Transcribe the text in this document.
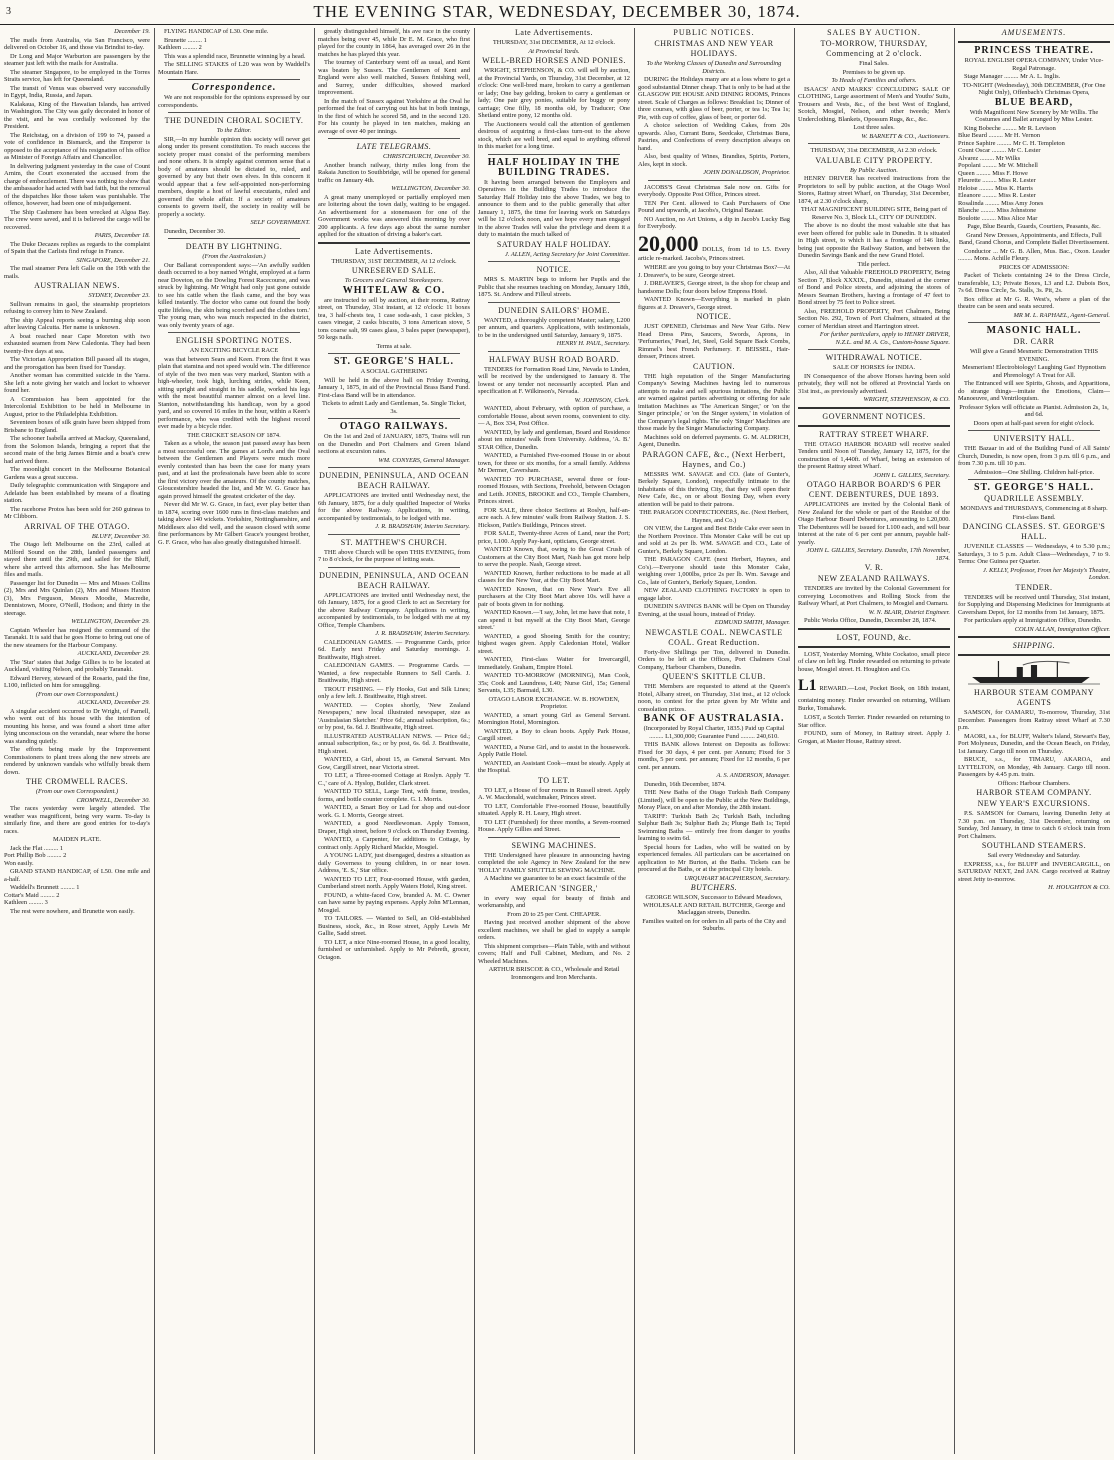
3	THE EVENING STAR, WEDNESDAY, DECEMBER 30, 1874.

December 19.

The mails from Australia, via San Francisco, were delivered on October 16, and those via Brindisi to-day.

Dr Long and Major Warburton are passengers by the steamer just left with the mails for Australia.

The steamer Singapore, to be employed in the Torres Straits service, has left for Queensland.

The transit of Venus was observed very successfully in Egypt, India, Russia, and Japan.

Kalakaua, King of the Hawaiian Islands, has arrived in Washington. The City was gaily decorated in honor of the visit, and he was cordially welcomed by the President.

The Reichstag, on a division of 199 to 74, passed a vote of confidence in Bismarck, and the Emperor is opposed to the acceptance of his resignation of his office as Minister of Foreign Affairs and Chancellor.

In delivering judgment yesterday in the case of Count Arnim, the Court exonerated the accused from the charge of embezzlement. There was nothing to show that the ambassador had acted with bad faith, but the removal of the dispatches like those taken was punishable. The offence, however, had been one of misjudgement.

The Ship Cashmere has been wrecked at Algoa Bay. The crew were saved, and it is believed the cargo will be recovered.

PARIS, December 18.

The Duke Decazes replies as regards to the complaint of Spain that the Carlists find refuge in France.

SINGAPORE, December 21.

The mail steamer Pera left Galle on the 19th with the mails.

AUSTRALIAN NEWS.

SYDNEY, December 23.

Sullivan remains in gaol, the steamship proprietors refusing to convey him to New Zealand.

The ship Appeal reports seeing a burning ship soon after leaving Calcutta. Her name is unknown.

A boat reached near Cape Moreton with two exhausted seamen from New Caledonia. They had been twenty-five days at sea.

The Victorian Appropriation Bill passed all its stages, and the prorogation has been fixed for Tuesday.

Another woman has committed suicide in the Yarra. She left a note giving her watch and locket to whoever found her.

A Commission has been appointed for the Intercolonial Exhibition to be held in Melbourne in August, prior to the Philadelphia Exhibition.

Seventeen boxes of silk grain have been shipped from Brisbane to England.

The schooner Isabella arrived at Mackay, Queensland, from the Solomon Islands, bringing a report that the second mate of the brig James Birnie and a boat's crew had arrived there.

The moonlight concert in the Melbourne Botanical Gardens was a great success.

Daily telegraphic communication with Singapore and Adelaide has been established by means of a floating station.

The racehorse Protos has been sold for 260 guineas to Mr Clibborn.

ARRIVAL OF THE OTAGO.

BLUFF, December 30.

The Otago left Melbourne on the 23rd, called at Milford Sound on the 28th, landed passengers and stayed there until the 29th, and sailed for the Bluff, where she arrived this afternoon. She has Melbourne files and mails.

Passenger list for Dunedin — Mrs and Misses Collins (2), Mrs and Mrs Quinlan (2), Mrs and Misses Haxton (3), Mrs Ferguson, Messrs Moodie, Macredie, Dennistown, Moore, O'Neill, Hodson; and thirty in the steerage.

WELLINGTON, December 29.

Captain Wheeler has resigned the command of the Taranaki. It is said that he goes Home to bring out one of the new steamers for the Harbour Company.

AUCKLAND, December 29.

The 'Star' states that Judge Gillies is to be located at Auckland, visiting Nelson, and probably Taranaki.

Edward Hervey, steward of the Rosario, paid the fine, L100, inflicted on him for smuggling.

(From our own Correspondent.)

AUCKLAND, December 29.

A singular accident occurred to Dr Wright, of Parnell, who went out of his house with the intention of mounting his horse, and was found a short time after lying unconscious on the verandah, near where the horse was standing quietly.

The efforts being made by the Improvement Commissioners to plant trees along the new streets are rendered by unknown vandals who wilfully break them down.

THE CROMWELL RACES.

(From our own Correspondent.)

CROMWELL, December 30.

The races yesterday were largely attended. The weather was magnificent, being very warm. To-day is similarly fine, and there are good entries for to-day's races.

MAIDEN PLATE.

Jack the Flat ......... 1
Port Phillip Bob ......... 2
Won easily.

GRAND STAND HANDICAP, of L50. One mile and a-half.

Waddell's Brunnett ......... 1
Cottar's Maid ......... 2
Kathleen ......... 3

The rest were nowhere, and Brunette won easily.

FLYING HANDICAP of L30. One mile.

Brunette ......... 1
Kathleen ......... 2

This was a splendid race, Brunnette winning by a head.

The SELLING STAKES of L20 was won by Waddell's Mountain Hare.

Correspondence.

We are not responsible for the opinions expressed by our correspondents.

THE DUNEDIN CHORAL SOCIETY.

To the Editor.

SIR,—In my humble opinion this society will never get along under its present constitution. To reach success the society proper must consist of the performing members and none others. It is simply against common sense that a body of amateurs should be dictated to, ruled, and governed by any but their own elves. In this concern it would appear that a few self-appointed non-performing members, despite a host of lawful executants, ruled and governed the whole affair. If a society of amateurs consents to govern itself, the society in reality will be properly a society.

SELF GOVERNMENT.

Dunedin, December 30.

DEATH BY LIGHTNING.

(From the Australasian.)

Our Ballarat correspondent says:—'An awfully sudden death occurred to a boy named Wright, employed at a farm near Doveton, on the Dowling Forest Racecourse, and was struck by lightning. Mr Wright had only just gone outside to see his cattle when the flash came, and the boy was killed instantly. The doctor who came out found the body quite lifeless, the skin being scorched and the clothes torn.' The young man, who was much respected in the district, was only twenty years of age.

ENGLISH SPORTING NOTES.

AN EXCITING BICYCLE RACE

was that between Sears and Keen. From the first it was plain that stamina and not speed would win. The difference of style of the two men was very marked, Stanton with a high-wheeler, took high, lurching strides, while Keen, sitting upright and straight in his saddle, worked his legs with the most beautiful manner almost on a level line. Stanton, notwithstanding his handicap, won by a good yard, and so covered 16 miles in the hour, within a Keen's performance, who was credited with the highest record ever made by a bicycle rider.

THE CRICKET SEASON OF 1874.

Taken as a whole, the season just passed away has been a most successful one. The games at Lord's and the Oval between the Gentlemen and Players were much more evenly contested than has been the case for many years past, and at last the professionals have been able to score the first victory over the amateurs. Of the county matches, Gloucestershire headed the list, and Mr W. G. Grace has again proved himself the greatest cricketer of the day.

Never did Mr W. G. Grace, in fact, ever play better than in 1874, scoring over 1600 runs in first-class matches and taking above 140 wickets. Yorkshire, Nottinghamshire, and Middlesex also did well, and the season closed with some fine performances by Mr Gilbert Grace's youngest brother, G. F. Grace, who has also greatly distinguished himself.

greatly distinguished himself, his ave race in the county matches being over 45, while Dr E. M. Grace, who first played for the county in 1864, has averaged over 26 in the matches he has played this year.

The tourney of Canterbury went off as usual, and Kent was beaten by Sussex. The Gentlemen of Kent and England were also well matched, Sussex finishing well, and Surrey, under difficulties, showed marked improvement.

In the match of Sussex against Yorkshire at the Oval he performed the feat of carrying out his bat in both innings, in the first of which he scored 58, and in the second 120. For his county he played in ten matches, making an average of over 40 per innings.

LATE TELEGRAMS.

CHRISTCHURCH, December 30.

Another branch railway, thirty miles long from the Rakaia Junction to Southbridge, will be opened for general traffic on January 4th.

WELLINGTON, December 30.

A great many unemployed or partially employed men are loitering about the town daily, waiting to be engaged. An advertisement for a stonemason for one of the Government works was answered this morning by over 200 applicants. A few days ago about the same number applied for the situation of driving a baker's cart.

Late Advertisements.

THURSDAY, 31ST DECEMBER, At 12 o'clock.

UNRESERVED SALE.

To Grocers and General Storekeepers.

WHITELAW & CO.

are instructed to sell by auction, at their rooms, Rattray street, on Thursday, 31st instant, at 12 o'clock: 11 boxes tea, 3 half-chests tea, 1 case soda-ash, 1 case pickles, 3 cases vinegar, 2 casks biscuits, 3 tons American stove, 5 tons coarse salt, 99 cases glass, 3 bales paper (newspaper), 50 kegs nails.

Terms at sale.

ST. GEORGE'S HALL.

A SOCIAL GATHERING

Will be held in the above hall on Friday Evening, January 1, 1875, in aid of the Provincial Brass Band Fund. First-class Band will be in attendance.

Tickets to admit Lady and Gentleman, 5s. Single Ticket, 3s.

OTAGO RAILWAYS.

On the 1st and 2nd of JANUARY, 1875, Trains will run on the Dunedin and Port Chalmers and Green Island sections at excursion rates.

WM. CONYERS, General Manager.

DUNEDIN, PENINSULA, AND OCEAN BEACH RAILWAY.

APPLICATIONS are invited until Wednesday next, the 6th January, 1875, for a duly qualified Inspector of Works for the above Railway. Applications, in writing, accompanied by testimonials, to be lodged with me.

J. R. BRADSHAW, Interim Secretary.

ST. MATTHEW'S CHURCH.

THE above Church will be open THIS EVENING, from 7 to 8 o'clock, for the purpose of letting seats.

DUNEDIN, PENINSULA, AND OCEAN BEACH RAILWAY.

APPLICATIONS are invited until Wednesday next, the 6th January, 1875, for a good Clerk to act as Secretary for the above Railway Company. Applications in writing, accompanied by testimonials, to be lodged with me at my Office, Temple Chambers.

J. R. BRADSHAW, Interim Secretary.

CALEDONIAN GAMES. — Programme Cards, price 6d. Early next Friday and Saturday mornings. J. Braithwaite, High street.

CALEDONIAN GAMES. — Programme Cards. — Wanted, a few respectable Runners to Sell Cards. J. Braithwaite, High street.

TROUT FISHING. — Fly Hooks, Gut and Silk Lines; only a few left. J. Braithwaite, High street.

WANTED. — Copies shortly, 'New Zealand Newspapers,' new local illustrated newspaper, size as 'Australasian Sketcher.' Price 6d.; annual subscription, 6s.; or by post, 6s. 6d. J. Braithwaite, High street.

ILLUSTRATED AUSTRALIAN NEWS. — Price 6d.; annual subscription, 6s.; or by post, 6s. 6d. J. Braithwaite, High street.

WANTED, a Girl, about 15, as General Servant. Mrs Gow, Cargill street, near Victoria street.

TO LET, a Three-roomed Cottage at Roslyn. Apply 'T. C.,' care of A. Hyslop, Builder, Clark street.

WANTED TO SELL, Large Tent, with frame, trestles, forms, and bottle counter complete. G. I. Morris.

WANTED, a Smart Boy or Lad for shop and out-door work. G. I. Morris, George street.

WANTED, a good Needlewoman. Apply Tomson, Draper, High street, before 9 o'clock on Thursday Evening.

WANTED, a Carpenter, for additions to Cottage, by contract only. Apply Richard Mackie, Mosgiel.

A YOUNG LADY, just disengaged, desires a situation as daily Governess to young children, in or near town. Address, 'E. S.,' Star office.

WANTED TO LET, Four-roomed House, with garden, Cumberland street north. Apply Waters Hotel, King street.

FOUND, a white-faced Cow, branded A. M. C. Owner can have same by paying expenses. Apply John M'Lennan, Mosgiel.

TO TAILORS. — Wanted to Sell, an Old-established Business, stock, &c., in Rose street, Apply Lewis Mr Gallie, Sadd street.

TO LET, a nice Nine-roomed House, in a good locality, furnished or unfurnished. Apply to Mr Pebreth, grocer, Octagon.

Late Advertisements.

THURSDAY, 31st DECEMBER, At 12 o'clock.

At Provincial Yards.

WELL-BRED HORSES AND PONIES.

WRIGHT, STEPHENSON, & CO. will sell by auction, at the Provincial Yards, on Thursday, 31st December, at 12 o'clock: One well-bred mare, broken to carry a gentleman or lady; One bay gelding, broken to carry a gentleman or lady; One pair grey ponies, suitable for buggy or pony carriage; One filly, 18 months old, by Traducer; One Shetland entire pony, 12 months old.

The Auctioneers would call the attention of gentlemen desirous of acquiring a first-class turn-out to the above stock, which are well bred, and equal to anything offered in this market for a long time.

HALF HOLIDAY IN THE BUILDING TRADES.

It having been arranged between the Employers and Operatives in the Building Trades to introduce the Saturday Half Holiday into the above Trades, we beg to announce to them and to the public generally that after January 1, 1875, the time for leaving work on Saturdays will be 12 o'clock noon, and we hope every man engaged in the above Trades will value the privilege and deem it a duty to maintain the much talked of

SATURDAY HALF HOLIDAY.

J. ALLEN, Acting Secretary for Joint Committee.

NOTICE.

MRS S. MARTIN begs to inform her Pupils and the Public that she resumes teaching on Monday, January 18th, 1875. St. Andrew and Filleul streets.

DUNEDIN SAILORS' HOME.

WANTED, a thoroughly competent Master; salary, L200 per annum, and quarters. Applications, with testimonials, to be in the undersigned until Saturday, January 9, 1875.

HENRY H. PAUL, Secretary.

HALFWAY BUSH ROAD BOARD.

TENDERS for Formation Road Line, Nevada to Linden, will be received by the undersigned to January 8. The lowest or any tender not necessarily accepted. Plan and specification at F. Wilkinson's, Nevada.

W. JOHNSON, Clerk.

WANTED, about February, with option of purchase, a comfortable House, about seven rooms, convenient to city. — A, Box 334, Post Office.

WANTED, by lady and gentleman, Board and Residence about ten minutes' walk from University. Address, 'A. B.' STAR Office, Dunedin.

WANTED, a Furnished Five-roomed House in or about town, for three or six months, for a small family. Address Mr Dermer, Caversham.

WANTED TO PURCHASE, several three or four-roomed Houses, with Sections, Freehold, between Octagon and Leith. JONES, BROOKE and CO., Temple Chambers, Princes street.

FOR SALE, three choice Sections at Roslyn, half-an-acre each. A few minutes' walk from Railway Station. J. S. Hickson, Pattle's Buildings, Princes street.

FOR SALE, Twenty-three Acres of Land, near the Port; price, L100. Apply Pay-kani, opticians, George street.

WANTED Known, that, owing to the Great Crush of Customers at the City Boot Mart, Nash has got more help to serve the people. Nash, George street.

WANTED Known, further reductions to be made at all classes for the New Year, at the City Boot Mart.

WANTED Known, that on New Year's Eve all purchasers at the City Boot Mart above 10s. will have a pair of boots given in for nothing.

WANTED Known.—'I say, John, let me have that note, I can spend it but myself at the City Boot Mart, George street.'

WANTED, a good Shoeing Smith for the country; highest wages given. Apply Caledonian Hotel, Walker street.

WANTED, First-class Waiter for Invercargill, immediately. Graham, Empire Hotel.

WANTED TO-MORROW (MORNING), Man Cook, 35s; Cook and Laundress, L40; Nurse Girl, 15s; General Servants, L35; Barmaid, L30.

OTAGO LABOR EXCHANGE. W. B. HOWDEN, Proprietor.

WANTED, a smart young Girl as General Servant. Mornington Hotel, Mornington.

WANTED, a Boy to clean boots. Apply Park House, Cargill street.

WANTED, a Nurse Girl, and to assist in the housework. Apply Pattle Hotel.

WANTED, an Assistant Cook—must be steady. Apply at the Hospital.

TO LET.

TO LET, a House of four rooms in Russell street. Apply A. W. Macdonald, watchmaker, Princes street.

TO LET, Comfortable Five-roomed House, beautifully situated. Apply R. H. Leary, High street.

TO LET (Furnished) for three months, a Seven-roomed House. Apply Gillies and Street.

SEWING MACHINES.

THE Undersigned have pleasure in announcing having completed the sole Agency in New Zealand for the new 'HOLLY' FAMILY SHUTTLE SEWING MACHINE.

A Machine we guarantee to be an exact facsimile of the

AMERICAN 'SINGER,'

in every way equal for beauty of finish and workmanship, and

From 20 to 25 per Cent. CHEAPER.

Having just received another shipment of the above excellent machines, we shall be glad to supply a sample orders.

This shipment comprises—Plain Table, with and without covers; Half and Full Cabinet, Medium, and No. 2 Wheeled Machines.

ARTHUR BRISCOE & CO., Wholesale and Retail Ironmongers and Iron Merchants.

PUBLIC NOTICES.

CHRISTMAS AND NEW YEAR HOLIDAYS.

To the Working Classes of Dunedin and Surrounding Districts.

DURING the Holidays many are at a loss where to get a good substantial Dinner cheap. That is only to be had at the GLASGOW PIE HOUSE AND DINING ROOMS, Princes street. Scale of Charges as follows: Breakfast 1s; Dinner of three courses, with glass of beer, porter, or tea 1s; Tea 1s; Pie, with cup of coffee, glass of beer, or porter 6d.

A choice selection of Wedding Cakes, from 20s upwards. Also, Currant Buns, Seedcake, Christmas Buns, Pastries, and Confections of every description always on hand.

Also, best quality of Wines, Brandies, Spirits, Porters, Ales, kept in stock.

JOHN DONALDSON, Proprietor.

JACOBS'S Great Christmas Sale now on. Gifts for everybody. Opposite Post Office, Princes street.

TEN Per Cent. allowed to Cash Purchasers of One Pound and upwards, at Jacobs's, Original Bazaar.

NO Auction, no Art Unions, a dip in Jacob's Lucky Bag for Everybody.

20,000 DOLLS, from 1d to L5. Every article re-marked. Jacobs's, Princes street.

WHERE are you going to buy your Christmas Box?—At J. Dreaver's, to be sure, George street.

J. DREAVER'S, George street, is the shop for cheap and handsome Dolls; four doors below Empress Hotel.

WANTED Known—Everything is marked in plain figures at J. Dreaver's, George street.

NOTICE.

JUST OPENED, Christmas and New Year Gifts. New Head Dress Pins, Saucers, Swords, Aprons, in 'Perfumeries,' Pearl, Jet, Steel, Gold Square Back Combs, Rimmel's best French Perfumery. F. BEISSEL, Hair-dresser, Princes street.

CAUTION.

THE high reputation of the Singer Manufacturing Company's Sewing Machines having led to numerous attempts to make and sell spurious imitations, the Public are warned against parties advertising or offering for sale imitation Machines as 'The American Singer,' or 'on the Singer principle,' or 'on the Singer system,' in violation of the Company's legal rights. The only 'Singer' Machines are those made by the Singer Manufacturing Company.

Machines sold on deferred payments. G. M. ALDRICH, Agent, Dunedin.

PARAGON CAFE, &c., (Next Herbert, Haynes, and Co.)

MESSRS WM. SAVAGE and CO. (late of Gunter's, Berkely Square, London), respectfully intimate to the inhabitants of this thriving City, that they will open their New Cafe, &c., on or about Boxing Day, when every attention will be paid to their patrons.

THE PARAGON CONFECTIONERS, &c. (Next Herbert, Haynes, and Co.)

ON VIEW, the Largest and Best Bride Cake ever seen in the Northern Province. This Monster Cake will be cut up and sold at 2s per lb. WM. SAVAGE and CO., Late of Gunter's, Berkely Square, London.

THE PARAGON CAFE (next Herbert, Haynes, and Co's).—Everyone should taste this Monster Cake, weighing over 1,000lbs, price 2s per lb. Wm. Savage and Co., late of Gunter's, Berkely Square, London.

NEW ZEALAND CLOTHING FACTORY is open to engage labor.

DUNEDIN SAVINGS BANK will be Open on Thursday Evening, at the usual hours, instead of Friday.

EDMUND SMITH, Manager.

NEWCASTLE COAL. NEWCASTLE COAL. Great Reduction.

Forty-five Shillings per Ton, delivered in Dunedin. Orders to be left at the Offices, Port Chalmers Coal Company, Harbour Chambers, Dunedin.

QUEEN'S SKITTLE CLUB.

THE Members are requested to attend at the Queen's Hotel, Albany street, on Thursday, 31st inst., at 12 o'clock noon, to contest for the prize given by Mr White and consolation prizes.

BANK OF AUSTRALASIA.

(Incorporated by Royal Charter, 1835.) Paid up Capital ......... L1,300,000; Guarantee Fund ......... 240,610.

THIS BANK allows Interest on Deposits as follows: Fixed for 30 days, 4 per cent. per Annum; Fixed for 3 months, 5 per cent. per annum; Fixed for 12 months, 6 per cent. per annum.

A. S. ANDERSON, Manager.

Dunedin, 16th December, 1874.

THE New Baths of the Otago Turkish Bath Company (Limited), will be open to the Public at the New Buildings, Moray Place, on and after Monday, the 28th instant.

TARIFF: Turkish Bath 2s; Turkish Bath, including Sulphur Bath 3s; Sulphur Bath 2s; Plunge Bath 1s; Tepid Swimming Baths — entirely free from danger to youths learning to swim 6d.

Special hours for Ladies, who will be waited on by experienced females. All particulars can be ascertained on application to Mr Burton, at the Baths. Tickets can be procured at the Baths, or at the principal City hotels.

URQUHART MACPHERSON, Secretary.

BUTCHERS.

GEORGE WILSON, Successor to Edward Meadows, WHOLESALE AND RETAIL BUTCHER, George and Maclaggan streets, Dunedin.

Families waited on for orders in all parts of the City and Suburbs.

SALES BY AUCTION.

TO-MORROW, THURSDAY, Commencing at 2 o'clock.

Final Sales.

Premises to be given up.

To Heads of Families and others.

ISAACS' AND MARKS' CONCLUDING SALE OF CLOTHING, Large assortment of Men's and Youths' Suits, Trousers and Vests, &c., of the best West of England, Scotch, Mosgiel, Nelson, and other tweeds; Men's Underclothing, Blankets, Opossum Rugs, &c., &c.

Lost three sales.

W. BARNETT & CO., Auctioneers.

THURSDAY, 31st DECEMBER, At 2.30 o'clock.

VALUABLE CITY PROPERTY.

By Public Auction.

HENRY DRIVER has received instructions from the Proprietors to sell by public auction, at the Otago Wool Stores, Rattray street Wharf, on Thursday, 31st December, 1874, at 2.30 o'clock sharp,

THAT MAGNIFICENT BUILDING SITE, Being part of Reserve No. 3, Block LL, CITY OF DUNEDIN.

The above is no doubt the most valuable site that has ever been offered for public sale in Dunedin. It is situated in High street, to which it has a frontage of 146 links, being just opposite the Railway Station, and between the Dunedin Savings Bank and the new Grand Hotel.

Title perfect.

Also, All that Valuable FREEHOLD PROPERTY, Being Section 7, Block XXXIX., Dunedin, situated at the corner of Bond and Police streets, and adjoining the stores of Messrs Seaman Brothers, having a frontage of 47 feet to Bond street by 75 feet to Police street.

Also, FREEHOLD PROPERTY, Port Chalmers, Being Section No. 292, Town of Port Chalmers, situated at the corner of Meridian street and Harrington street.

For further particulars, apply to HENRY DRIVER, N.Z.L. and M. A. Co., Custom-house Square.

WITHDRAWAL NOTICE.

SALE OF HORSES for INDIA.

IN Consequence of the above Horses having been sold privately, they will not be offered at Provincial Yards on 31st inst., as previously advertised.

WRIGHT, STEPHENSON, & CO.

GOVERNMENT NOTICES.

RATTRAY STREET WHARF.

THE OTAGO HARBOR BOARD will receive sealed Tenders until Noon of Tuesday, January 12, 1875, for the construction of 1,440ft. of Wharf, being an extension of the present Rattray street Wharf.

JOHN L. GILLIES, Secretary.

OTAGO HARBOR BOARD'S 6 PER CENT. DEBENTURES, DUE 1893.

APPLICATIONS are invited by the Colonial Bank of New Zealand for the whole or part of the Residue of the Otago Harbour Board Debentures, amounting to L20,000. The Debentures will be issued for L100 each, and will bear interest at the rate of 6 per cent per annum, payable half-yearly.

JOHN L. GILLIES, Secretary. Dunedin, 17th November, 1874.

V. R.

NEW ZEALAND RAILWAYS.

TENDERS are invited by the Colonial Government for conveying Locomotives and Rolling Stock from the Railway Wharf, at Port Chalmers, to Mosgiel and Oamaru.

W. N. BLAIR, District Engineer.

Public Works Office, Dunedin, December 28, 1874.

LOST, FOUND, &c.

LOST, Yesterday Morning, White Cockatoo, small piece of claw on left leg. Finder rewarded on returning to private house, Mosgiel street. H. Houghton and Co.

L1 REWARD.—Lost, Pocket Book, on 18th instant, containing money. Finder rewarded on returning, William Burke, Tomahawk.

LOST, a Scotch Terrier. Finder rewarded on returning to Star office.

FOUND, sum of Money, in Rattray street. Apply J. Grogan, at Master House, Rattray street.

AMUSEMENTS.

PRINCESS THEATRE.

ROYAL ENGLISH OPERA COMPANY, Under Vice-Regal Patronage.

Stage Manager ......... Mr A. L. Inglis.

TO-NIGHT (Wednesday), 30th DECEMBER, (For One Night Only), Offenbach's Christmas Opera,

BLUE BEARD,

With Magnificent New Scenery by Mr Willis. The Costumes and Ballet arranged by Miss Lester.

King Bobeche ......... Mr R. Levison
Blue Beard ......... Mr H. Vernon
Prince Saphire ......... Mr C. H. Templeton
Count Oscar ......... Mr C. Lester
Alvarez ......... Mr Wilks
Popolani ......... Mr W. Mitchell
Queen ......... Miss F. Howe
Fleurette ......... Miss R. Lester
Heloise ......... Miss K. Harris
Eleanore ......... Miss R. Lester
Rosalinda ......... Miss Amy Jones
Blanche ......... Miss Johnstone
Boulotte ......... Miss Alice Mar

Page, Blue Beards, Guards, Courtiers, Peasants, &c.

Grand New Dresses, Appointments, and Effects, Full Band, Grand Chorus, and Complete Ballet Divertissement.

Conductor ... Mr G. B. Allen, Mus. Bac., Oxon. Leader ......... Mons. Achille Fleury.

PRICES OF ADMISSION:

Packet of Tickets containing 24 to the Dress Circle, transferable, L3; Private Boxes, L3 and L2. Dubois Box, 7s 6d. Dress Circle, 5s. Stalls, 3s. Pit, 2s.

Box office at Mr G. R. West's, where a plan of the theatre can be seen and seats secured.

MR M. L. RAPHAEL, Agent-General.

MASONIC HALL.

DR. CARR

Will give a Grand Mesmeric Demonstration THIS EVENING.

Mesmerism! Electrobiology! Laughing Gas! Hypnotism and Phrenology! A Treat for All.

The Entranced will see Spirits, Ghosts, and Apparitions, do strange things—imitate the Emotions, Claim—Manoeuvre, and Ventriloquism.

Professor Sykes will officiate as Pianist. Admission 2s, 1s, and 6d.

Doors open at half-past seven for eight o'clock.

UNIVERSITY HALL.

THE Bazaar in aid of the Building Fund of All Saints' Church, Dunedin, is now open, from 3 p.m. till 6 p.m., and from 7.30 p.m. till 10 p.m.

Admission—One Shilling. Children half-price.

ST. GEORGE'S HALL.

QUADRILLE ASSEMBLY.

MONDAYS and THURSDAYS, Commencing at 8 sharp.

First-class Band.

DANCING CLASSES. ST. GEORGE'S HALL.

JUVENILE CLASSES — Wednesdays, 4 to 5.30 p.m.; Saturdays, 3 to 5 p.m. Adult Class—Wednesdays, 7 to 9. Terms: One Guinea per Quarter.

J. KELLY, Professor, From her Majesty's Theatre, London.

TENDER.

TENDERS will be received until Thursday, 31st instant, for Supplying and Dispensing Medicines for Immigrants at Caversham Depot, for 12 months from 1st January, 1875.

For particulars apply at Immigration Office, Dunedin.

COLIN ALLAN, Immigration Officer.

SHIPPING.

HARBOUR STEAM COMPANY AGENTS

SAMSON, for OAMARU, To-morrow, Thursday, 31st December. Passengers from Rattray street Wharf at 7.30 p.m.

MAORI, s.s., for BLUFF, Walter's Island, Stewart's Bay, Port Molyneux, Dunedin, and the Ocean Beach, on Friday, 1st January. Cargo till noon on Thursday.

BRUCE, s.s., for TIMARU, AKAROA, and LYTTELTON, on Monday, 4th January. Cargo till noon. Passengers by 4.45 p.m. train.

Offices: Harbour Chambers.

HARBOR STEAM COMPANY.

NEW YEAR'S EXCURSIONS.

P.S. SAMSON for Oamaru, leaving Dunedin Jetty at 7.30 p.m. on Thursday, 31st December, returning on Sunday, 3rd January, in time to catch 6 o'clock train from Port Chalmers.

SOUTHLAND STEAMERS.

Sail every Wednesday and Saturday.

EXPRESS, s.s., for BLUFF and INVERCARGILL, on SATURDAY NEXT, 2nd JAN. Cargo received at Rattray street Jetty to-morrow.

H. HOUGHTON & CO.
